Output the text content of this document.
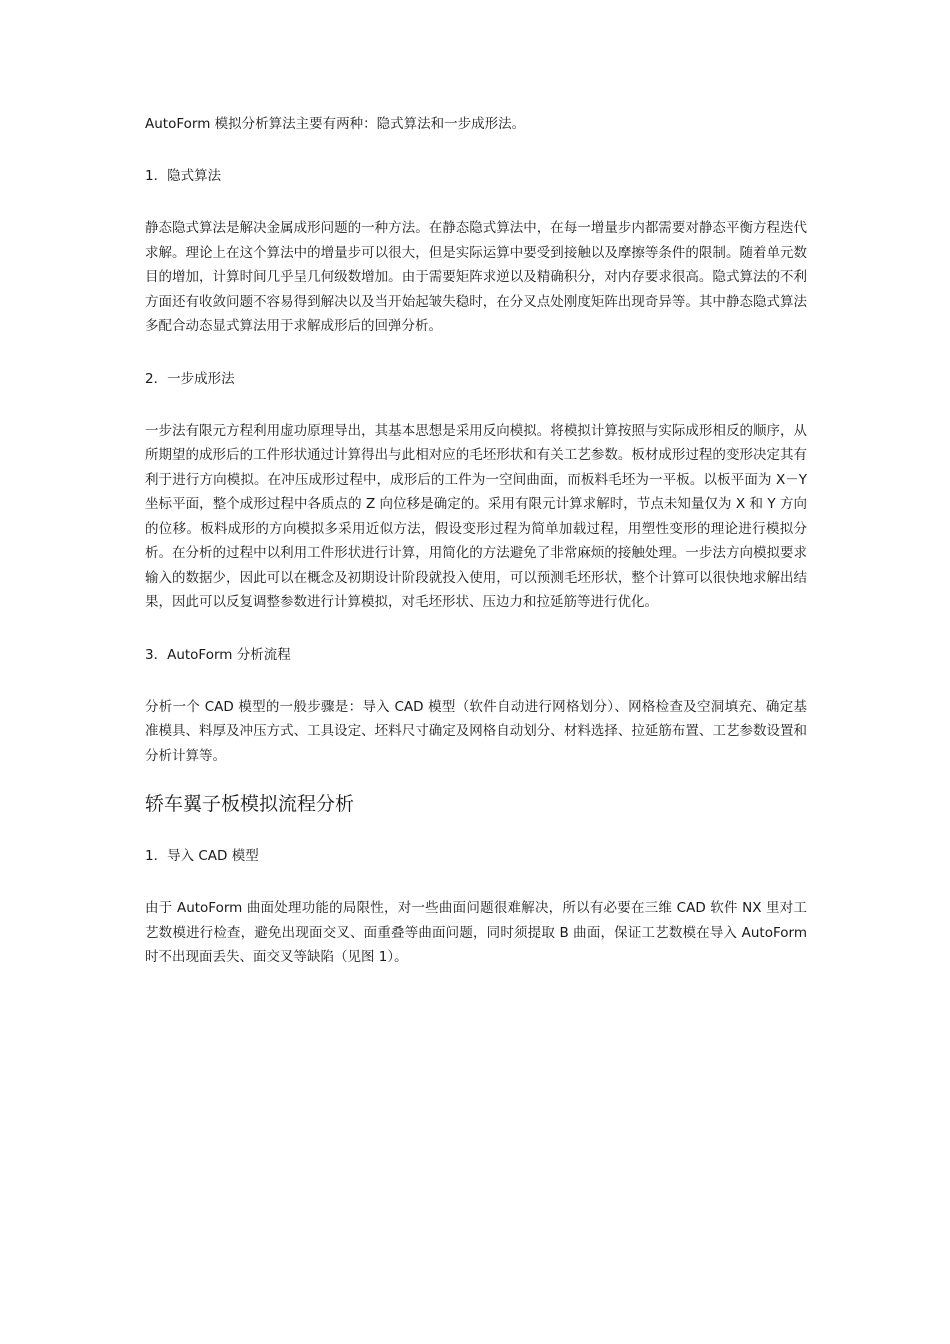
AutoForm 模拟分析算法主要有两种：隐式算法和一步成形法。

1．隐式算法

静态隐式算法是解决金属成形问题的一种方法。在静态隐式算法中，在每一增量步内都需要对静态平衡方程迭代求解。理论上在这个算法中的增量步可以很大，但是实际运算中要受到接触以及摩擦等条件的限制。随着单元数目的增加，计算时间几乎呈几何级数增加。由于需要矩阵求逆以及精确积分，对内存要求很高。隐式算法的不利方面还有收敛问题不容易得到解决以及当开始起皱失稳时，在分叉点处刚度矩阵出现奇异等。其中静态隐式算法多配合动态显式算法用于求解成形后的回弹分析。

2．一步成形法

一步法有限元方程利用虚功原理导出，其基本思想是采用反向模拟。将模拟计算按照与实际成形相反的顺序，从所期望的成形后的工件形状通过计算得出与此相对应的毛坯形状和有关工艺参数。板材成形过程的变形决定其有利于进行方向模拟。在冲压成形过程中，成形后的工件为一空间曲面，而板料毛坯为一平板。以板平面为 X－Y 坐标平面，整个成形过程中各质点的 Z 向位移是确定的。采用有限元计算求解时，节点未知量仅为 X 和 Y 方向的位移。板料成形的方向模拟多采用近似方法，假设变形过程为简单加载过程，用塑性变形的理论进行模拟分析。在分析的过程中以利用工件形状进行计算，用简化的方法避免了非常麻烦的接触处理。一步法方向模拟要求输入的数据少，因此可以在概念及初期设计阶段就投入使用，可以预测毛坯形状，整个计算可以很快地求解出结果，因此可以反复调整参数进行计算模拟，对毛坯形状、压边力和拉延筋等进行优化。

3．AutoForm 分析流程

分析一个 CAD 模型的一般步骤是：导入 CAD 模型（软件自动进行网格划分）、网格检查及空洞填充、确定基准模具、料厚及冲压方式、工具设定、坯料尺寸确定及网格自动划分、材料选择、拉延筋布置、工艺参数设置和分析计算等。

轿车翼子板模拟流程分析

1．导入 CAD 模型

由于 AutoForm 曲面处理功能的局限性，对一些曲面问题很难解决，所以有必要在三维 CAD 软件 NX 里对工艺数模进行检查，避免出现面交叉、面重叠等曲面问题，同时须提取 B 曲面，保证工艺数模在导入 AutoForm 时不出现面丢失、面交叉等缺陷（见图 1）。
